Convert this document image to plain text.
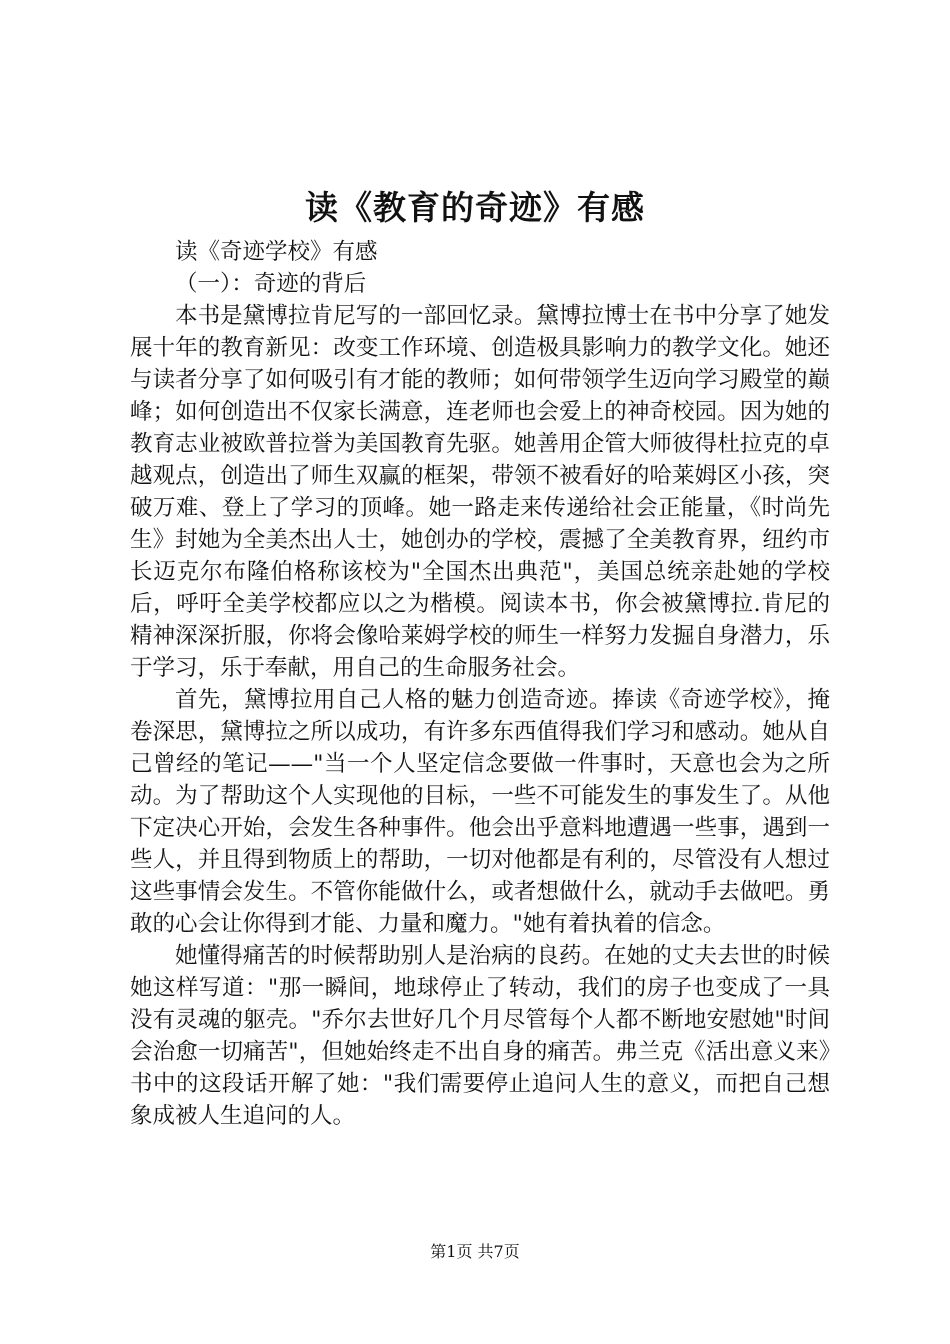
读《教育的奇迹》有感

读《奇迹学校》有感

（一）：奇迹的背后

本书是黛博拉肯尼写的一部回忆录。黛博拉博士在书中分享了她发展十年的教育新见：改变工作环境、创造极具影响力的教学文化。她还与读者分享了如何吸引有才能的教师；如何带领学生迈向学习殿堂的巅峰；如何创造出不仅家长满意，连老师也会爱上的神奇校园。因为她的教育志业被欧普拉誉为美国教育先驱。她善用企管大师彼得杜拉克的卓越观点，创造出了师生双赢的框架，带领不被看好的哈莱姆区小孩，突破万难、登上了学习的顶峰。她一路走来传递给社会正能量，《时尚先生》封她为全美杰出人士，她创办的学校，震撼了全美教育界，纽约市长迈克尔布隆伯格称该校为"全国杰出典范"，美国总统亲赴她的学校后，呼吁全美学校都应以之为楷模。阅读本书，你会被黛博拉.肯尼的精神深深折服，你将会像哈莱姆学校的师生一样努力发掘自身潜力，乐于学习，乐于奉献，用自己的生命服务社会。

首先，黛博拉用自己人格的魅力创造奇迹。捧读《奇迹学校》，掩卷深思，黛博拉之所以成功，有许多东西值得我们学习和感动。她从自己曾经的笔记——"当一个人坚定信念要做一件事时，天意也会为之所动。为了帮助这个人实现他的目标，一些不可能发生的事发生了。从他下定决心开始，会发生各种事件。他会出乎意料地遭遇一些事，遇到一些人，并且得到物质上的帮助，一切对他都是有利的，尽管没有人想过这些事情会发生。不管你能做什么，或者想做什么，就动手去做吧。勇敢的心会让你得到才能、力量和魔力。"她有着执着的信念。

她懂得痛苦的时候帮助别人是治病的良药。在她的丈夫去世的时候她这样写道："那一瞬间，地球停止了转动，我们的房子也变成了一具没有灵魂的躯壳。"乔尔去世好几个月尽管每个人都不断地安慰她"时间会治愈一切痛苦"，但她始终走不出自身的痛苦。弗兰克《活出意义来》书中的这段话开解了她："我们需要停止追问人生的意义，而把自己想象成被人生追问的人。

第1页 共7页
